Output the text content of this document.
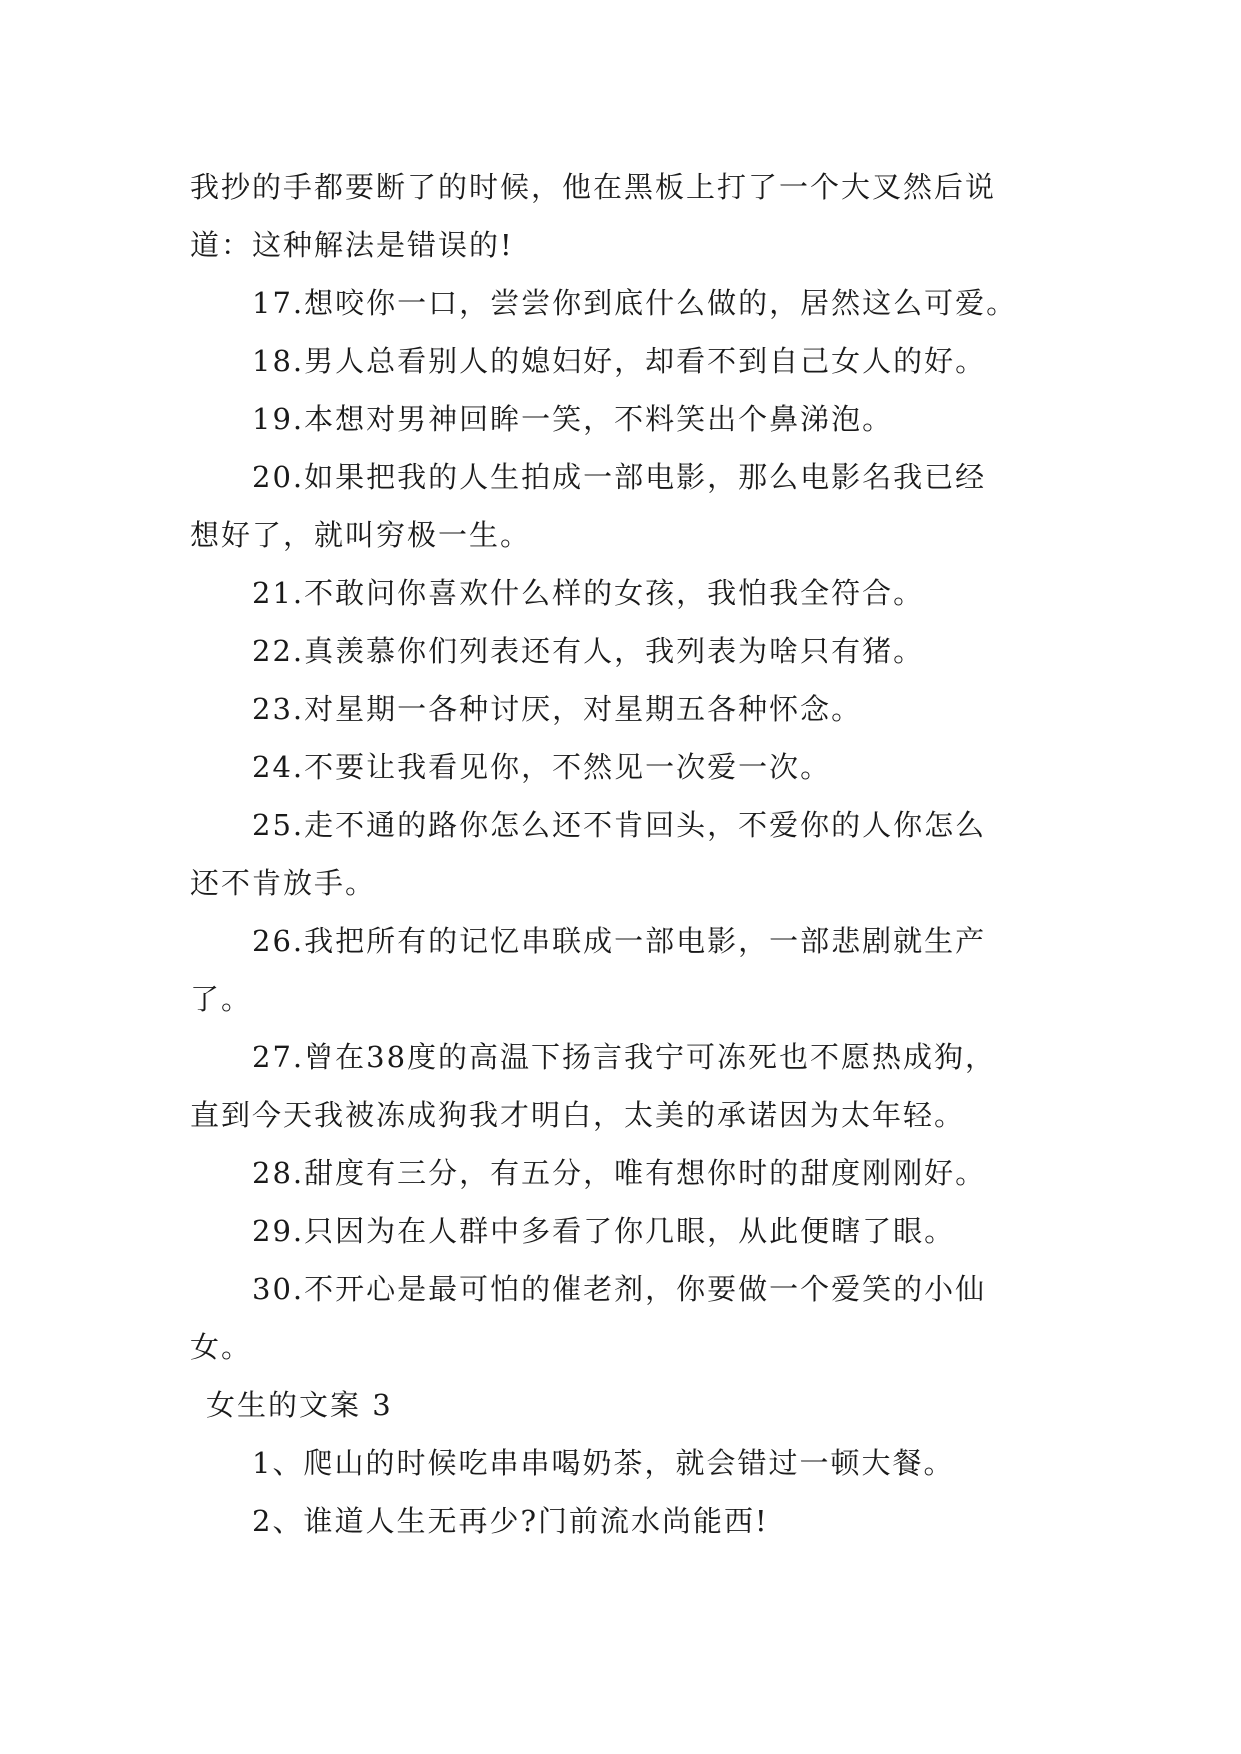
我抄的手都要断了的时候，他在黑板上打了一个大叉然后说
道：这种解法是错误的!
17.想咬你一口，尝尝你到底什么做的，居然这么可爱。
18.男人总看别人的媳妇好，却看不到自己女人的好。
19.本想对男神回眸一笑，不料笑出个鼻涕泡。
20.如果把我的人生拍成一部电影，那么电影名我已经
想好了，就叫穷极一生。
21.不敢问你喜欢什么样的女孩，我怕我全符合。
22.真羡慕你们列表还有人，我列表为啥只有猪。
23.对星期一各种讨厌，对星期五各种怀念。
24.不要让我看见你，不然见一次爱一次。
25.走不通的路你怎么还不肯回头，不爱你的人你怎么
还不肯放手。
26.我把所有的记忆串联成一部电影，一部悲剧就生产
了。
27.曾在38度的高温下扬言我宁可冻死也不愿热成狗，
直到今天我被冻成狗我才明白，太美的承诺因为太年轻。
28.甜度有三分，有五分，唯有想你时的甜度刚刚好。
29.只因为在人群中多看了你几眼，从此便瞎了眼。
30.不开心是最可怕的催老剂，你要做一个爱笑的小仙
女。
女生的文案 3
1、爬山的时候吃串串喝奶茶，就会错过一顿大餐。
2、谁道人生无再少?门前流水尚能西!
